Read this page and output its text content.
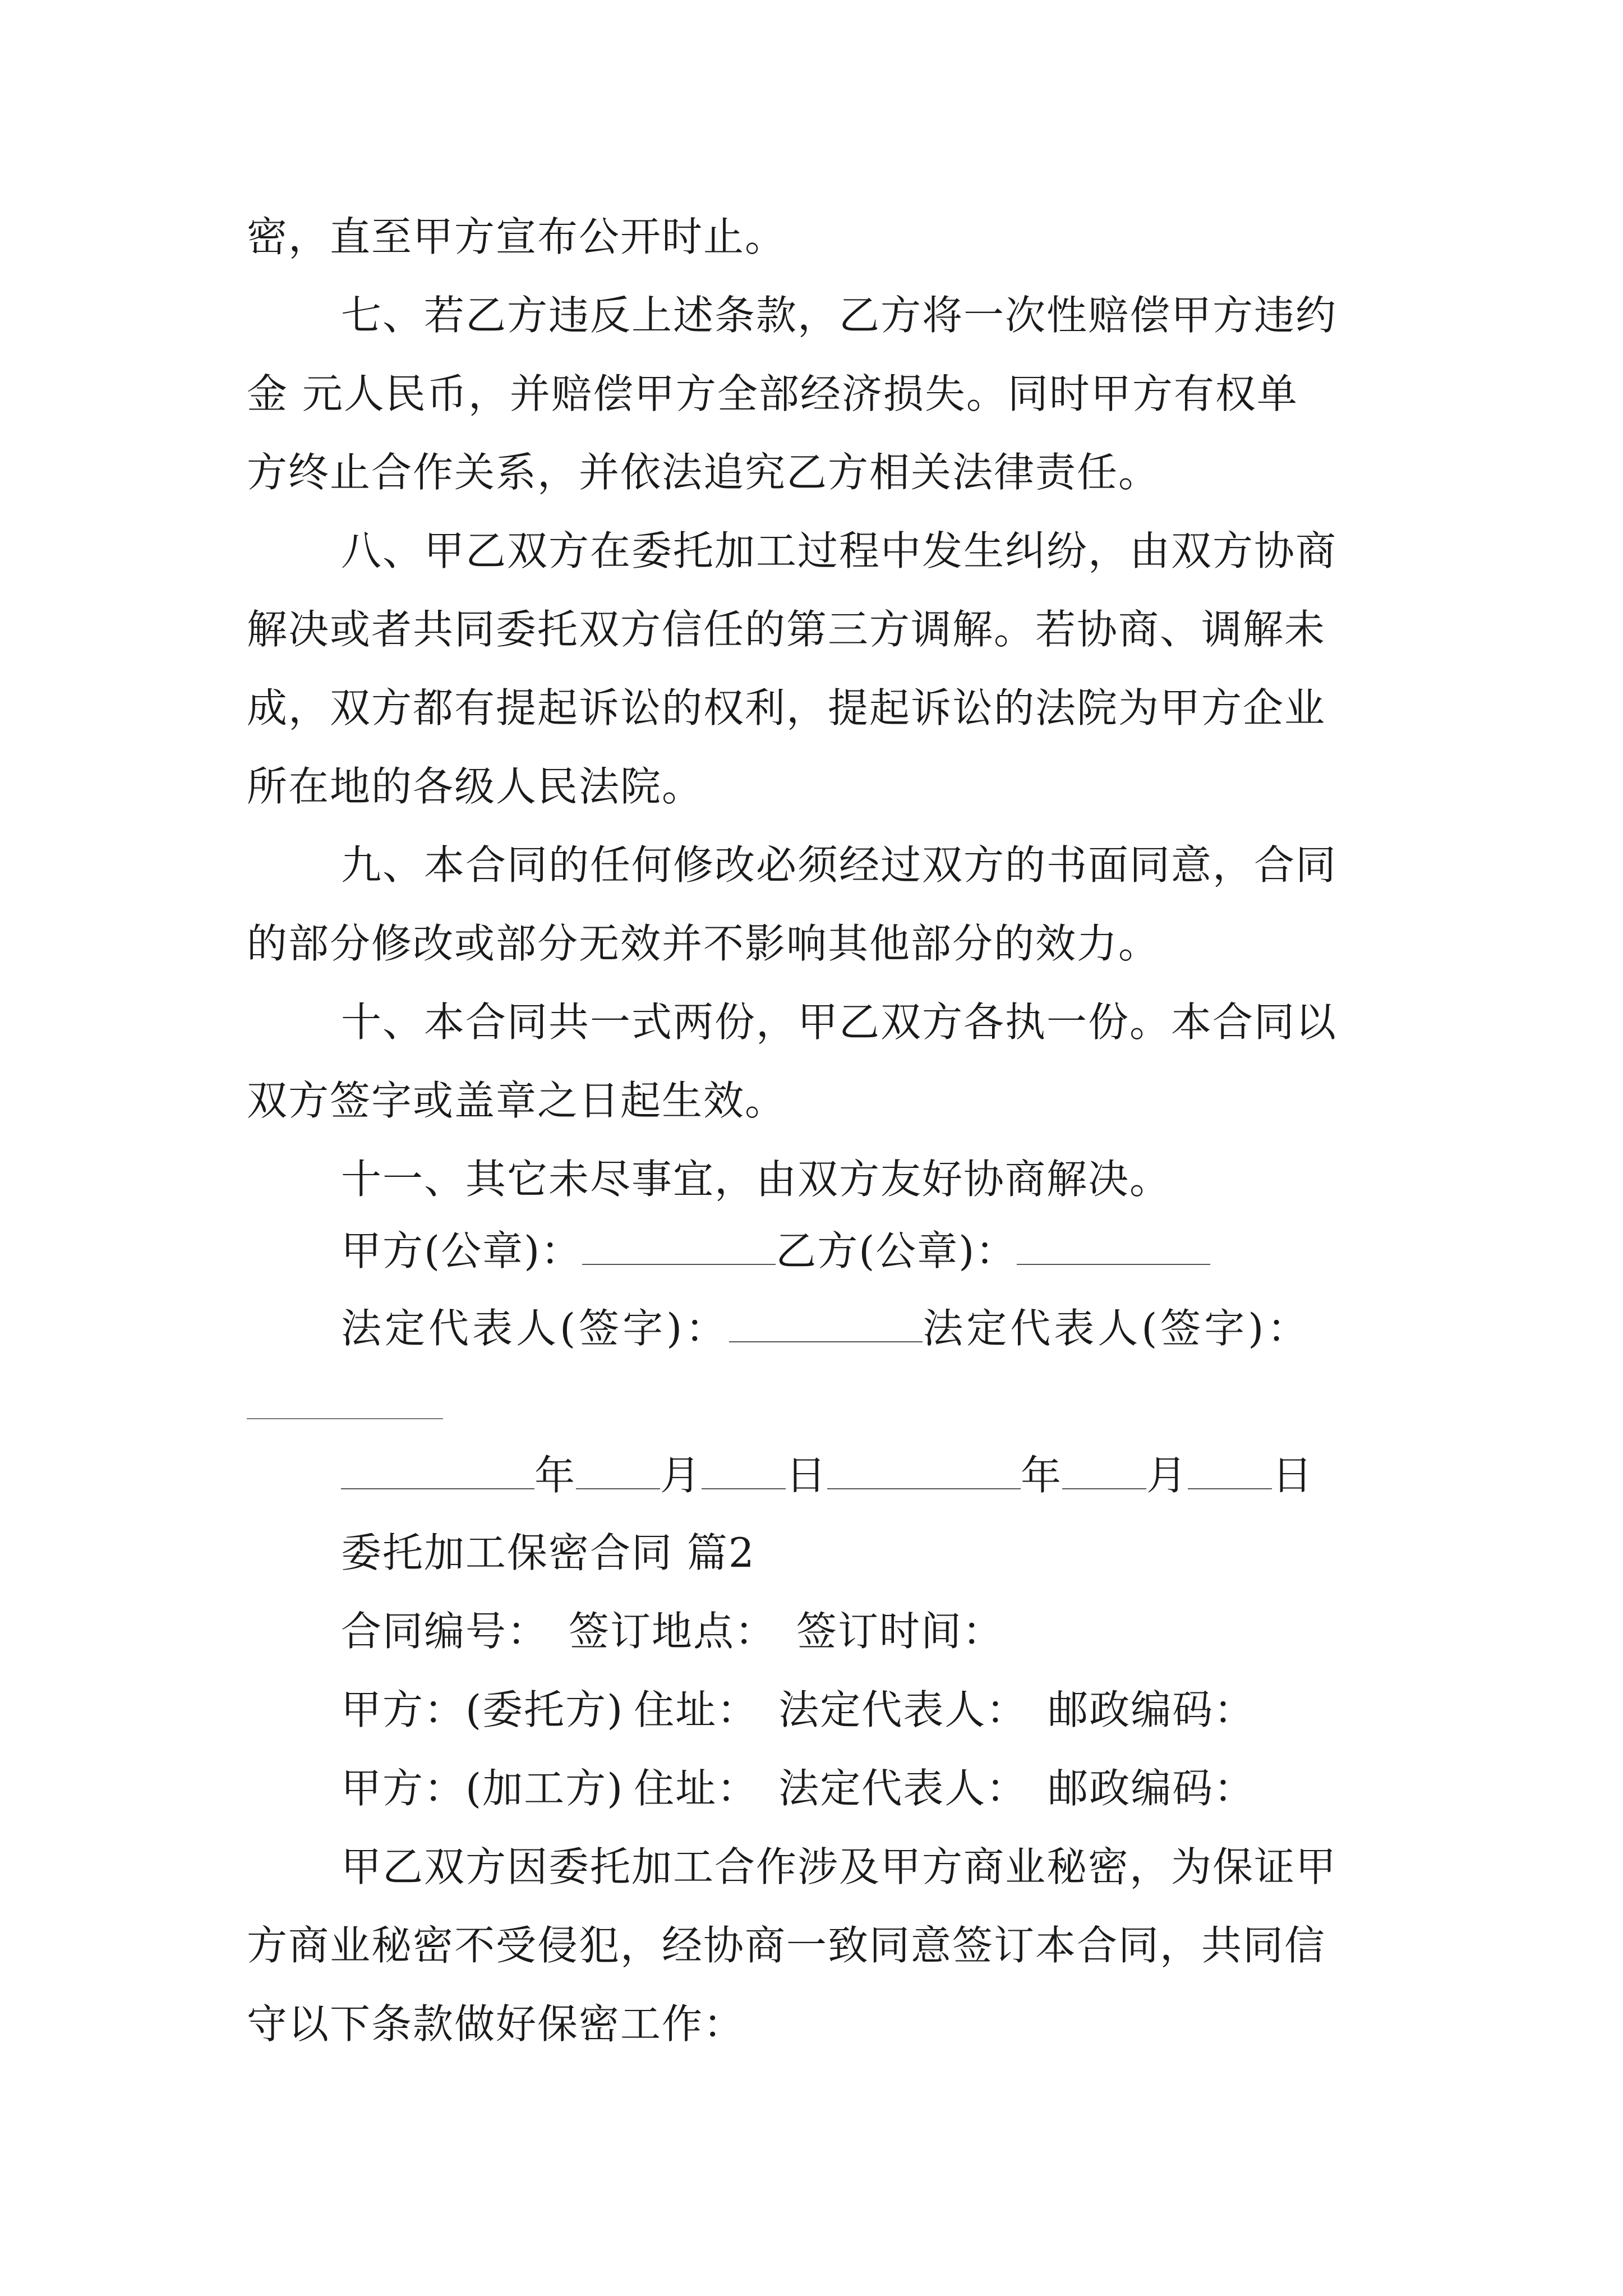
密，直至甲方宣布公开时止。
七、若乙方违反上述条款，乙方将一次性赔偿甲方违约
金 元人民币，并赔偿甲方全部经济损失。同时甲方有权单
方终止合作关系，并依法追究乙方相关法律责任。
八、甲乙双方在委托加工过程中发生纠纷，由双方协商
解决或者共同委托双方信任的第三方调解。若协商、调解未
成，双方都有提起诉讼的权利，提起诉讼的法院为甲方企业
所在地的各级人民法院。
九、本合同的任何修改必须经过双方的书面同意，合同
的部分修改或部分无效并不影响其他部分的效力。
十、本合同共一式两份，甲乙双方各执一份。本合同以
双方签字或盖章之日起生效。
十一、其它未尽事宜，由双方友好协商解决。
甲方(公章)：	乙方(公章)：
法定代表人(签字)：	法定代表人(签字)：
年 月 日	年 月 日
委托加工保密合同 篇2
合同编号： 签订地点： 签订时间：
甲方：(委托方) 住址： 法定代表人： 邮政编码：
甲方：(加工方) 住址： 法定代表人： 邮政编码：
甲乙双方因委托加工合作涉及甲方商业秘密，为保证甲
方商业秘密不受侵犯，经协商一致同意签订本合同，共同信
守以下条款做好保密工作：
